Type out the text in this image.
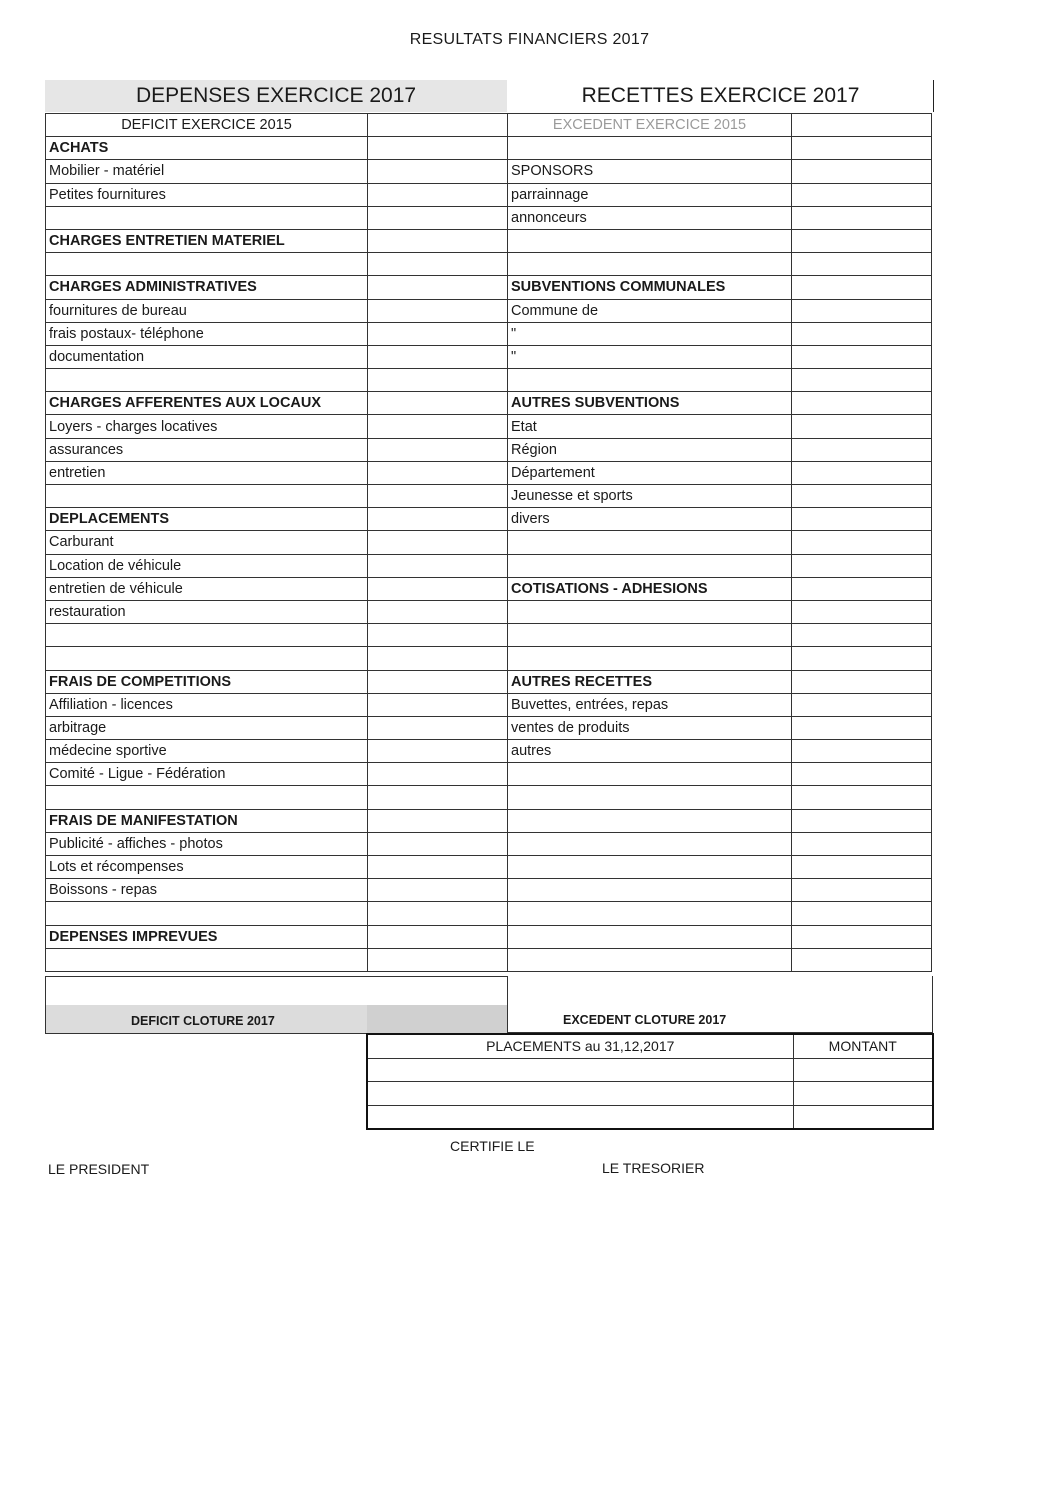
RESULTATS FINANCIERS 2017
DEPENSES EXERCICE 2017	RECETTES EXERCICE 2017
DEFICIT EXERCICE 2015		EXCEDENT EXERCICE 2015	
ACHATS			
Mobilier - matériel		SPONSORS	
Petites fournitures		parrainnage	
		annonceurs	
CHARGES ENTRETIEN MATERIEL			

CHARGES ADMINISTRATIVES		SUBVENTIONS COMMUNALES	
fournitures de bureau		Commune de	
frais postaux- téléphone		"	
documentation		"	

CHARGES AFFERENTES AUX LOCAUX		AUTRES SUBVENTIONS	
Loyers - charges locatives		Etat	
assurances		Région	
entretien		Département	
		Jeunesse et sports	
DEPLACEMENTS		divers	
Carburant			
Location de véhicule			
entretien de véhicule		COTISATIONS - ADHESIONS	
restauration			

FRAIS DE COMPETITIONS		AUTRES RECETTES	
Affiliation - licences		Buvettes, entrées, repas	
arbitrage		ventes de produits	
médecine sportive		autres	
Comité - Ligue - Fédération			

FRAIS DE MANIFESTATION			
Publicité - affiches - photos			
Lots et récompenses			
Boissons - repas			

DEPENSES IMPREVUES			

DEFICIT CLOTURE 2017	EXCEDENT CLOTURE 2017
PLACEMENTS au 31,12,2017	MONTANT

CERTIFIE LE
LE PRESIDENT	LE TRESORIER
